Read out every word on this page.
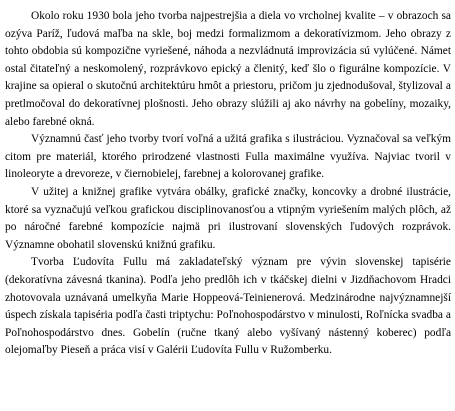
Okolo roku 1930 bola jeho tvorba najpestrejšia a diela vo vrcholnej kvalite – v obrazoch sa ozýva Paríž, ľudová maľba na skle, boj medzi formalizmom a dekoratívizmom. Jeho obrazy z tohto obdobia sú kompozične vyriešené, náhoda a nezvládnutá improvizácia sú vylúčené. Námet ostal čitateľný a neskomolený, rozprávkovo epický a členitý, keď šlo o figurálne kompozície. V krajine sa opieral o skutočnú architektúru hmôt a priestoru, pričom ju zjednodušoval, štylizoval a pretlmočoval do dekoratívnej plošnosti. Jeho obrazy slúžili aj ako návrhy na gobelíny, mozaiky, alebo farebné okná.

Významnú časť jeho tvorby tvorí voľná a užitá grafika s ilustráciou. Vyznačoval sa veľkým citom pre materiál, ktorého prirodzené vlastnosti Fulla maximálne využíva. Najviac tvoril v linoleoryte a drevoreze, v čiernobielej, farebnej a kolorovanej grafike.

V užitej a knižnej grafike vytvára obálky, grafické značky, koncovky a drobné ilustrácie, ktoré sa vyznačujú veľkou grafickou disciplinovanosťou a vtipným vyriešením malých plôch, až po náročné farebné kompozície najmä pri ilustrovaní slovenských ľudových rozprávok. Významne obohatil slovenskú knižnú grafiku.

Tvorba Ľudovíta Fullu má zakladateľský význam pre vývin slovenskej tapisérie (dekoratívna závesná tkanina). Podľa jeho predlôh ich v tkáčskej dielni v Jizdňachovom Hradci zhotovovala uznávaná umelkyňa Marie Hoppeová-Teinienerová. Medzinárodne najvýznamnejší úspech získala tapiséria podľa časti triptychu: Poľnohospodárstvo v minulosti, Roľnícka svadba a Poľnohospodárstvo dnes. Gobelín (ručne tkaný alebo vyšívaný nástenný koberec) podľa olejomaľby Pieseň a práca visí v Galérii Ľudovíta Fullu v Ružomberku.
